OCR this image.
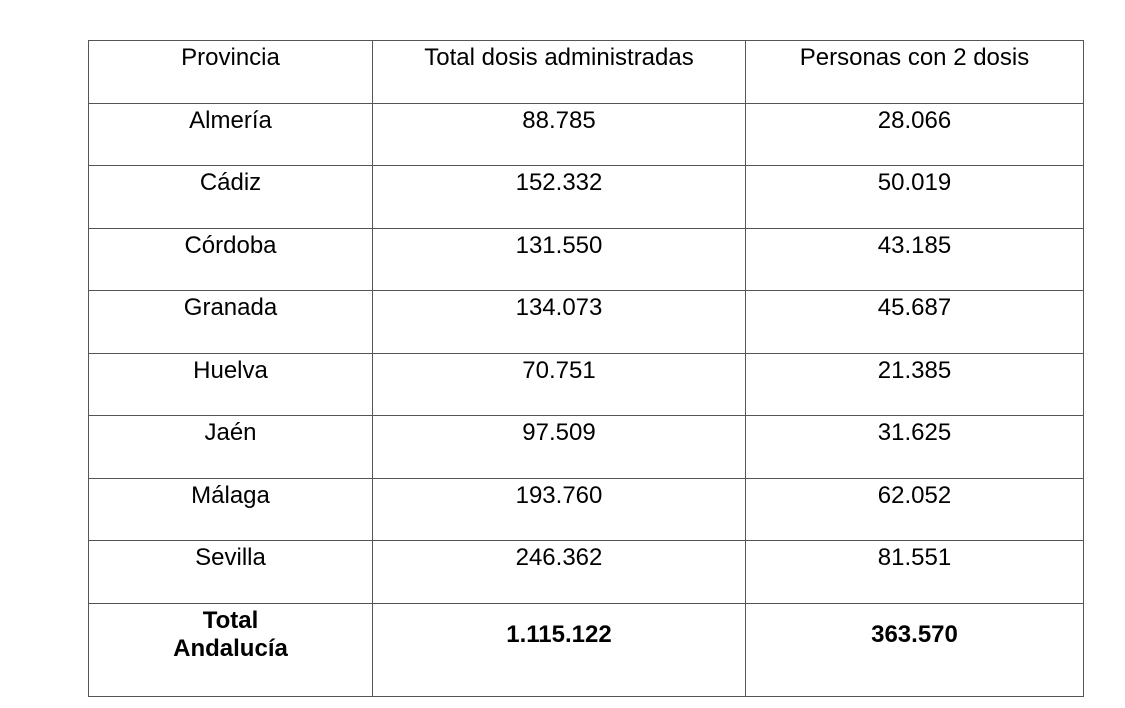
Provincia	Total dosis administradas	Personas con 2 dosis
Almería	88.785	28.066
Cádiz	152.332	50.019
Córdoba	131.550	43.185
Granada	134.073	45.687
Huelva	70.751	21.385
Jaén	97.509	31.625
Málaga	193.760	62.052
Sevilla	246.362	81.551
Total Andalucía	1.115.122	363.570
